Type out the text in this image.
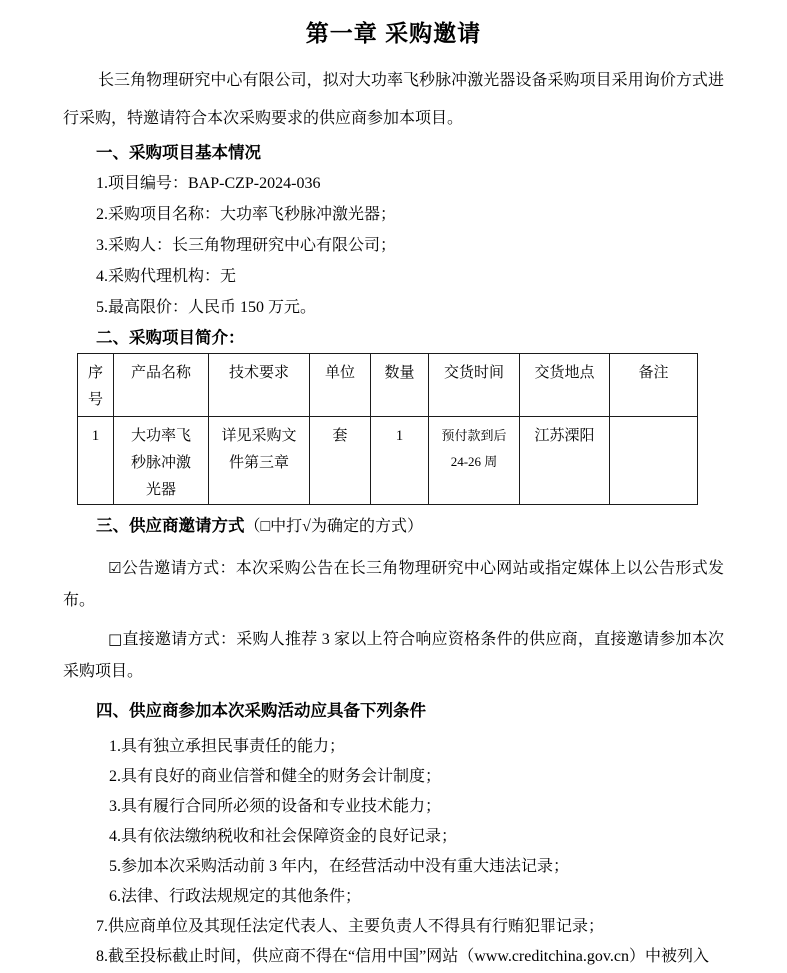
第一章 采购邀请

长三角物理研究中心有限公司，拟对大功率飞秒脉冲激光器设备采购项目采用询价方式进行采购，特邀请符合本次采购要求的供应商参加本项目。

一、采购项目基本情况

1.项目编号：BAP-CZP-2024-036

2.采购项目名称：大功率飞秒脉冲激光器；

3.采购人：长三角物理研究中心有限公司；

4.采购代理机构：无

5.最高限价：人民币 150 万元。

二、采购项目简介：
序号	产品名称	技术要求	单位	数量	交货时间	交货地点	备注
1	大功率飞秒脉冲激光器	详见采购文件第三章	套	1	预付款到后 24-26 周	江苏溧阳	
三、供应商邀请方式（□中打√为确定的方式）

☑公告邀请方式：本次采购公告在长三角物理研究中心网站或指定媒体上以公告形式发布。

□直接邀请方式：采购人推荐 3 家以上符合响应资格条件的供应商，直接邀请参加本次采购项目。

四、供应商参加本次采购活动应具备下列条件

1.具有独立承担民事责任的能力；

2.具有良好的商业信誉和健全的财务会计制度；

3.具有履行合同所必须的设备和专业技术能力；

4.具有依法缴纳税收和社会保障资金的良好记录；

5.参加本次采购活动前 3 年内，在经营活动中没有重大违法记录；

6.法律、行政法规规定的其他条件；

7.供应商单位及其现任法定代表人、主要负责人不得具有行贿犯罪记录；

8.截至投标截止时间，供应商不得在“信用中国”网站（www.creditchina.gov.cn）中被列入
